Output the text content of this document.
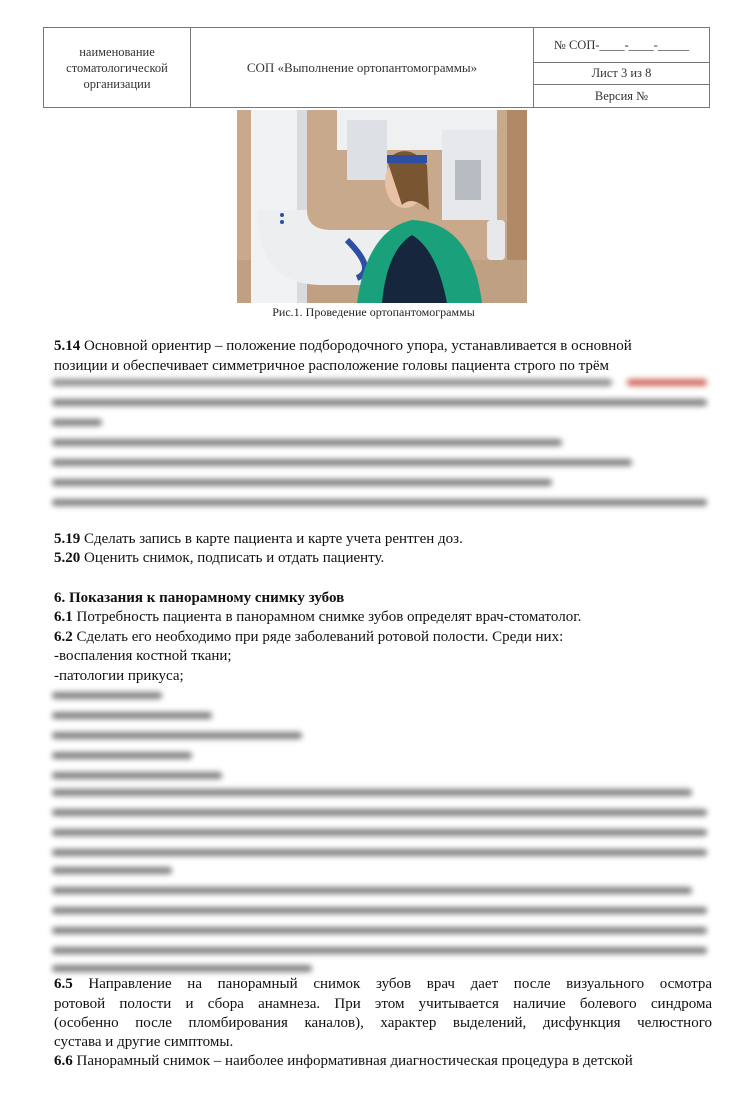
наименование
стоматологической
организации
СОП «Выполнение ортопантомограммы»
№ СОП-____-____-_____
Лист 3 из 8
Версия №
Рис.1. Проведение ортопантомограммы
5.14 Основной ориентир – положение подбородочного упора, устанавливается в основной
позиции и обеспечивает симметричное расположение головы пациента строго по трём
5.19 Сделать запись в карте пациента и карте учета рентген доз.
5.20 Оценить снимок, подписать и отдать пациенту.
6. Показания к панорамному снимку зубов
6.1 Потребность пациента в панорамном снимке зубов определят врач-стоматолог.
6.2 Сделать его необходимо при ряде заболеваний ротовой полости. Среди них:
-воспаления костной ткани;
-патологии прикуса;
6.5 Направление на панорамный снимок зубов врач дает после визуального осмотра
ротовой полости и сбора анамнеза. При этом учитывается наличие болевого синдрома
(особенно после пломбирования каналов), характер выделений, дисфункция челюстного
сустава и другие симптомы.
6.6 Панорамный снимок – наиболее информативная диагностическая процедура в детской
